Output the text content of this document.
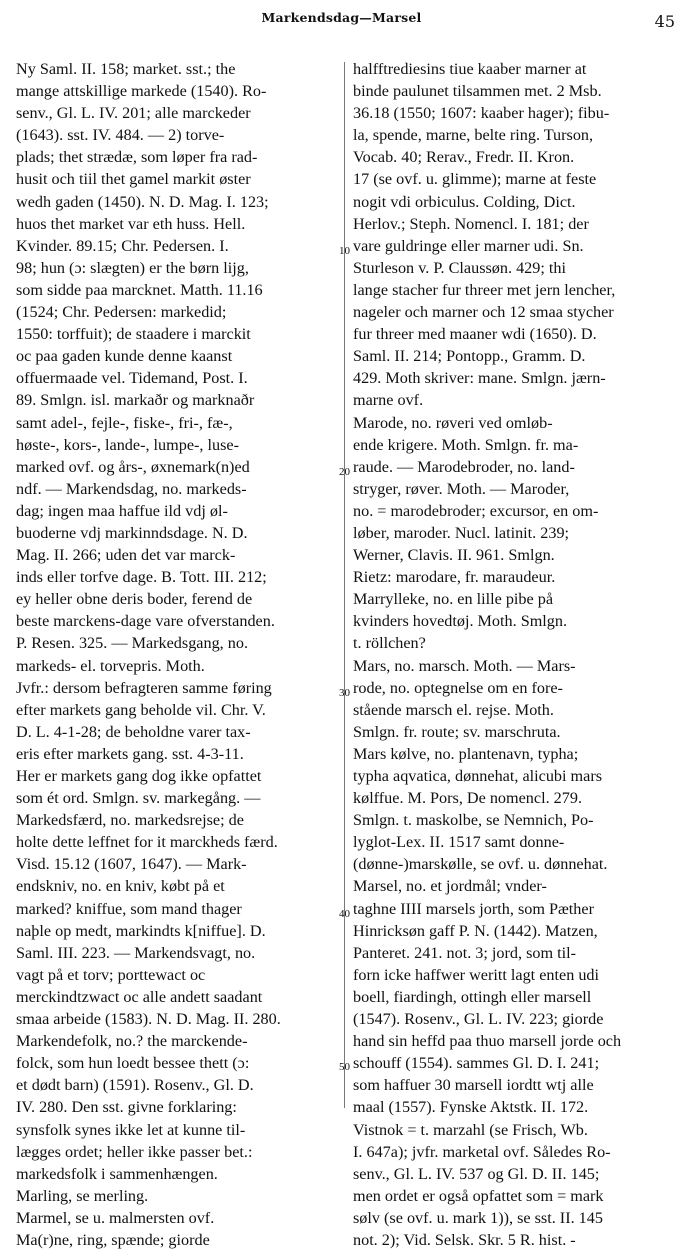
Markendsdag—Marsel	45
Ny Saml. II. 158; market. sst.; the
mange attskillige markede (1540). Ro-
senv., Gl. L. IV. 201; alle marckeder
(1643). sst. IV. 484. — 2) torve-
plads; thet strædæ, som løper fra rad-
husit och tiil thet gamel markit øster
wedh gaden (1450). N. D. Mag. I. 123;
huos thet market var eth huss. Hell.
Kvinder. 89.15; Chr. Pedersen. I.
98; hun (ɔ: slægten) er the børn lijg,
som sidde paa marcknet. Matth. 11.16
(1524; Chr. Pedersen: markedid;
1550: torffuit); de staadere i marckit
oc paa gaden kunde denne kaanst
offuermaade vel. Tidemand, Post. I.
89. Smlgn. isl. markaðr og marknaðr
samt adel-, fejle-, fiske-, fri-, fæ-,
høste-, kors-, lande-, lumpe-, luse-
marked ovf. og års-, øxnemark(n)ed
ndf. — Markendsdag, no. markeds-
dag; ingen maa haffue ild vdj øl-
buoderne vdj markinndsdage. N. D.
Mag. II. 266; uden det var marck-
inds eller torfve dage. B. Tott. III. 212;
ey heller obne deris boder, ferend de
beste marckens-dage vare ofverstanden.
P. Resen. 325. — Markedsgang, no.
markeds- el. torvepris. Moth.
Jvfr.: dersom befragteren samme føring
efter markets gang beholde vil. Chr. V.
D. L. 4-1-28; de beholdne varer tax-
eris efter markets gang. sst. 4-3-11.
Her er markets gang dog ikke opfattet
som ét ord. Smlgn. sv. markegång. —
Markedsfærd, no. markedsrejse; de
holte dette leffnet for it marckheds færd.
Visd. 15.12 (1607, 1647). — Mark-
endskniv, no. en kniv, købt på et
marked? kniffue, som mand thager
naþle op medt, markindts k[niffue]. D.
Saml. III. 223. — Markendsvagt, no.
vagt på et torv; porttewact oc
merckindtzwact oc alle andett saadant
smaa arbeide (1583). N. D. Mag. II. 280.
Markendefolk, no.? the marckende-
folck, som hun loedt bessee thett (ɔ:
et dødt barn) (1591). Rosenv., Gl. D.
IV. 280. Den sst. givne forklaring:
synsfolk synes ikke let at kunne til-
lægges ordet; heller ikke passer bet.:
markedsfolk i sammenhængen.
Marling, se merling.
Marmel, se u. malmersten ovf.
Ma(r)ne, ring, spænde; giorde
halfftrediesins tiue kaaber marner at
binde paulunet tilsammen met. 2 Msb.
36.18 (1550; 1607: kaaber hager); fibu-
la, spende, marne, belte ring. Turson,
Vocab. 40; Rerav., Fredr. II. Kron.
17 (se ovf. u. glimme); marne at feste
nogit vdi orbiculus. Colding, Dict.
Herlov.; Steph. Nomencl. I. 181; der
vare guldringe eller marner udi. Sn.
Sturleson v. P. Claussøn. 429; thi
lange stacher fur threer met jern lencher,
nageler och marner och 12 smaa stycher
fur threer med maaner wdi (1650). D.
Saml. II. 214; Pontopp., Gramm. D.
429. Moth skriver: mane. Smlgn. jærn-
marne ovf.
Marode, no. røveri ved omløb-
ende krigere. Moth. Smlgn. fr. ma-
raude. — Marodebroder, no. land-
stryger, røver. Moth. — Maroder,
no. = marodebroder; excursor, en om-
løber, maroder. Nucl. latinit. 239;
Werner, Clavis. II. 961. Smlgn.
Rietz: marodare, fr. maraudeur.
Marrylleke, no. en lille pibe på
kvinders hovedtøj. Moth. Smlgn.
t. röllchen?
Mars, no. marsch. Moth. — Mars-
rode, no. optegnelse om en fore-
stående marsch el. rejse. Moth.
Smlgn. fr. route; sv. marschruta.
Mars kølve, no. plantenavn, typha;
typha aqvatica, dønnehat, alicubi mars
kølffue. M. Pors, De nomencl. 279.
Smlgn. t. maskolbe, se Nemnich, Po-
lyglot-Lex. II. 1517 samt donne-
(dønne-)marskølle, se ovf. u. dønnehat.
Marsel, no. et jordmål; vnder-
taghne IIII marsels jorth, som Pæther
Hinricksøn gaff P. N. (1442). Matzen,
Panteret. 241. not. 3; jord, som til-
forn icke haffwer weritt lagt enten udi
boell, fiardingh, ottingh eller marsell
(1547). Rosenv., Gl. L. IV. 223; giorde
hand sin heffd paa thuo marsell jorde och
schouff (1554). sammes Gl. D. I. 241;
som haffuer 30 marsell iordtt wtj alle
maal (1557). Fynske Aktstk. II. 172.
Vistnok = t. marzahl (se Frisch, Wb.
I. 647a); jvfr. marketal ovf. Således Ro-
senv., Gl. L. IV. 537 og Gl. D. II. 145;
men ordet er også opfattet som = mark
sølv (se ovf. u. mark 1)), se sst. II. 145
not. 2); Vid. Selsk. Skr. 5 R. hist. -
10
20
30
40
50
